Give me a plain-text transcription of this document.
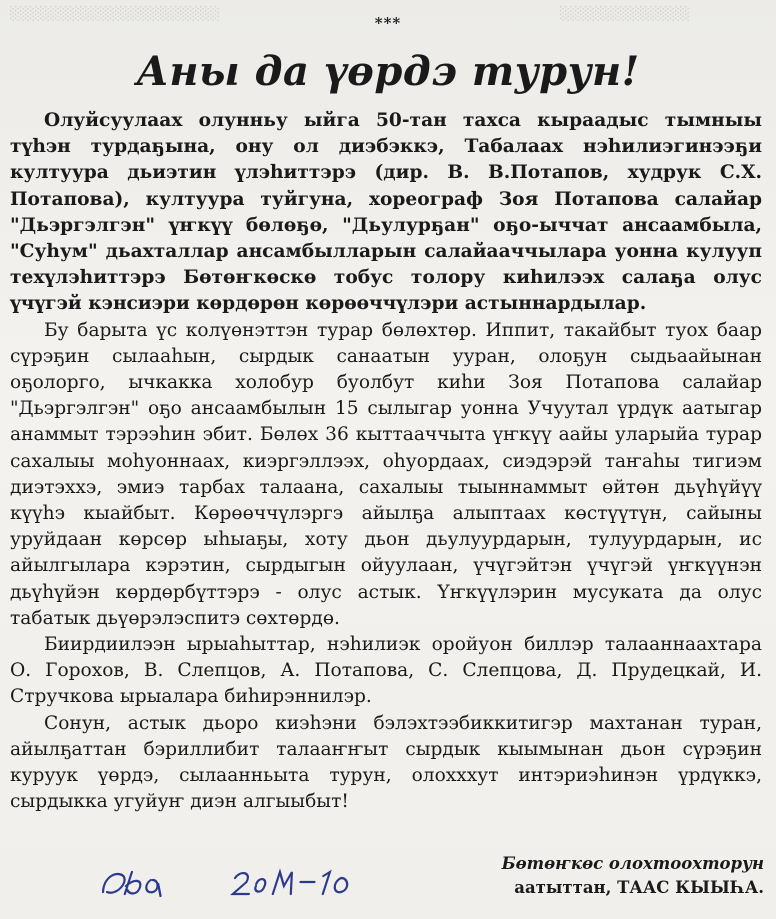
░░░░░░░░░░░░░░░░░░░░░	░░░░░░░░░░░░░
***
Аны да үөрдэ турун!

Олуйсуулаах олунньу ыйга 50-тан тахса кыраадыс тымныы түһэн турдаҕына, ону ол диэбэккэ, Табалаах нэһилиэгинээҕи култуура дьиэтин үлэһиттэрэ (дир. В. В.Потапов, худрук С.Х. Потапова), култуура туйгуна, хореограф Зоя Потапова салайар "Дьэргэлгэн" үҥкүү бөлөҕө, "Дьулурҕан" оҕо-ыччат ансаамбыла, "Суһум" дьахталлар ансамбылларын салайааччылара уонна кулууп техүлэһиттэрэ Бөтөҥкөскө тобус толору киһилээх салаҕа олус үчүгэй кэнсиэри көрдөрөн көрөөччүлэри астыннардылар.

Бу барыта үс колүөнэттэн турар бөлөхтөр. Иппит, такайбыт туох баар сүрэҕин сылааһын, сырдык санаатын ууран, олоҕун сыдьаайынан оҕолорго, ычкакка холобур буолбут киһи Зоя Потапова салайар "Дьэргэлгэн" оҕо ансаамбылын 15 сылыгар уонна Учуутал үрдүк аатыгар анаммыт тэрээһин эбит. Бөлөх 36 кыттааччыта үҥкүү аайы уларыйа турар сахалыы моһуоннаах, киэргэллээх, оһуордаах, сиэдэрэй таҥаһы тигиэм диэтэххэ, эмиэ тарбах талаана, сахалыы тыыннаммыт өйтөн дьүһүйүү күүһэ кыайбыт. Көрөөччүлэргэ айылҕа алыптаах көстүүтүн, сайыны уруйдаан көрсөр ыһыаҕы, хоту дьон дьулуурдарын, тулуурдарын, ис айылгылара кэрэтин, сырдыгын ойуулаан, үчүгэйтэн үчүгэй үҥкүүнэн дьүһүйэн көрдөрбүттэрэ - олус астык. Үҥкүүлэрин мусуката да олус табатык дьүөрэлэспитэ сөхтөрдө.

Биирдиилээн ырыаһыттар, нэһилиэк оройуон биллэр талааннаахтара О. Горохов, В. Слепцов, А. Потапова, С. Слепцова, Д. Прудецкай, И. Стручкова ырыалара биһирэннилэр.

Сонун, астык дьоро киэһэни бэлэхтээбиккитигэр махтанан туран, айылҕаттан бэриллибит талааҥҥыт сырдык кыымынан дьон сүрэҕин куруук үөрдэ, сылаанньыта турун, олохххут интэриэһинэн үрдүккэ, сырдыкка угуйуҥ диэн алгыыбыт!

Бөтөҥкөс олохтоохторун
аатыттан, ТААС КЫЫҺА.
